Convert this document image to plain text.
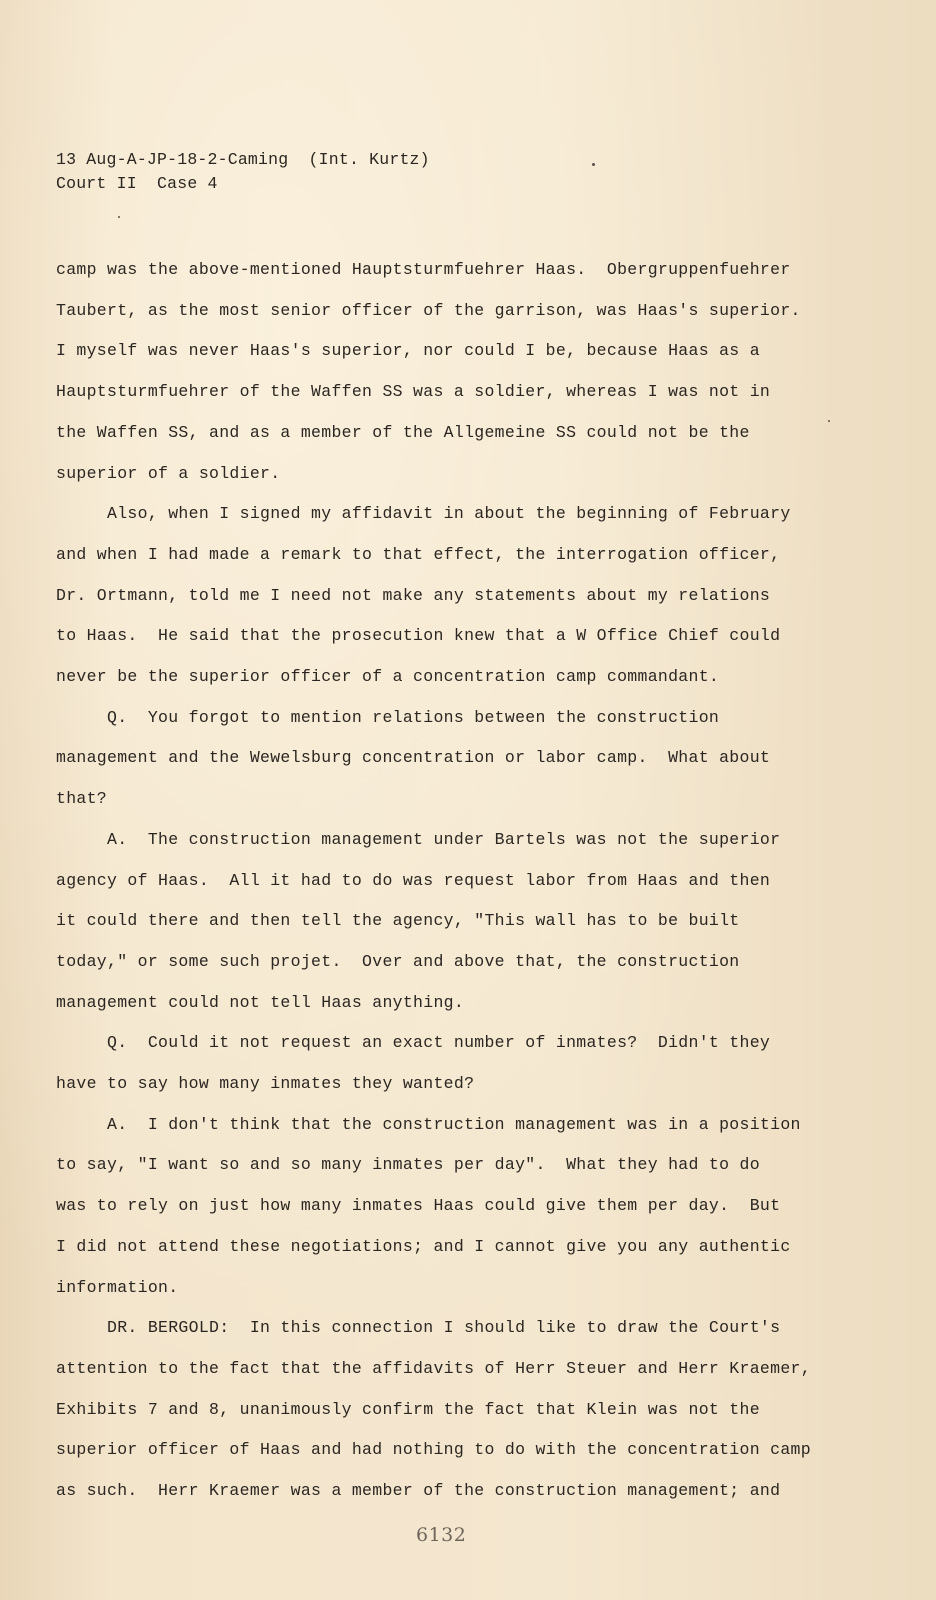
13 Aug-A-JP-18-2-Caming  (Int. Kurtz)
Court II  Case 4
camp was the above-mentioned Hauptsturmfuehrer Haas.  Obergruppenfuehrer
Taubert, as the most senior officer of the garrison, was Haas's superior.
I myself was never Haas's superior, nor could I be, because Haas as a
Hauptsturmfuehrer of the Waffen SS was a soldier, whereas I was not in
the Waffen SS, and as a member of the Allgemeine SS could not be the
superior of a soldier.
Also, when I signed my affidavit in about the beginning of February
and when I had made a remark to that effect, the interrogation officer,
Dr. Ortmann, told me I need not make any statements about my relations
to Haas.  He said that the prosecution knew that a W Office Chief could
never be the superior officer of a concentration camp commandant.
Q.  You forgot to mention relations between the construction
management and the Wewelsburg concentration or labor camp.  What about
that?
A.  The construction management under Bartels was not the superior
agency of Haas.  All it had to do was request labor from Haas and then
it could there and then tell the agency, "This wall has to be built
today," or some such projet.  Over and above that, the construction
management could not tell Haas anything.
Q.  Could it not request an exact number of inmates?  Didn't they
have to say how many inmates they wanted?
A.  I don't think that the construction management was in a position
to say, "I want so and so many inmates per day".  What they had to do
was to rely on just how many inmates Haas could give them per day.  But
I did not attend these negotiations; and I cannot give you any authentic
information.
DR. BERGOLD:  In this connection I should like to draw the Court's
attention to the fact that the affidavits of Herr Steuer and Herr Kraemer,
Exhibits 7 and 8, unanimously confirm the fact that Klein was not the
superior officer of Haas and had nothing to do with the concentration camp
as such.  Herr Kraemer was a member of the construction management; and
6132
